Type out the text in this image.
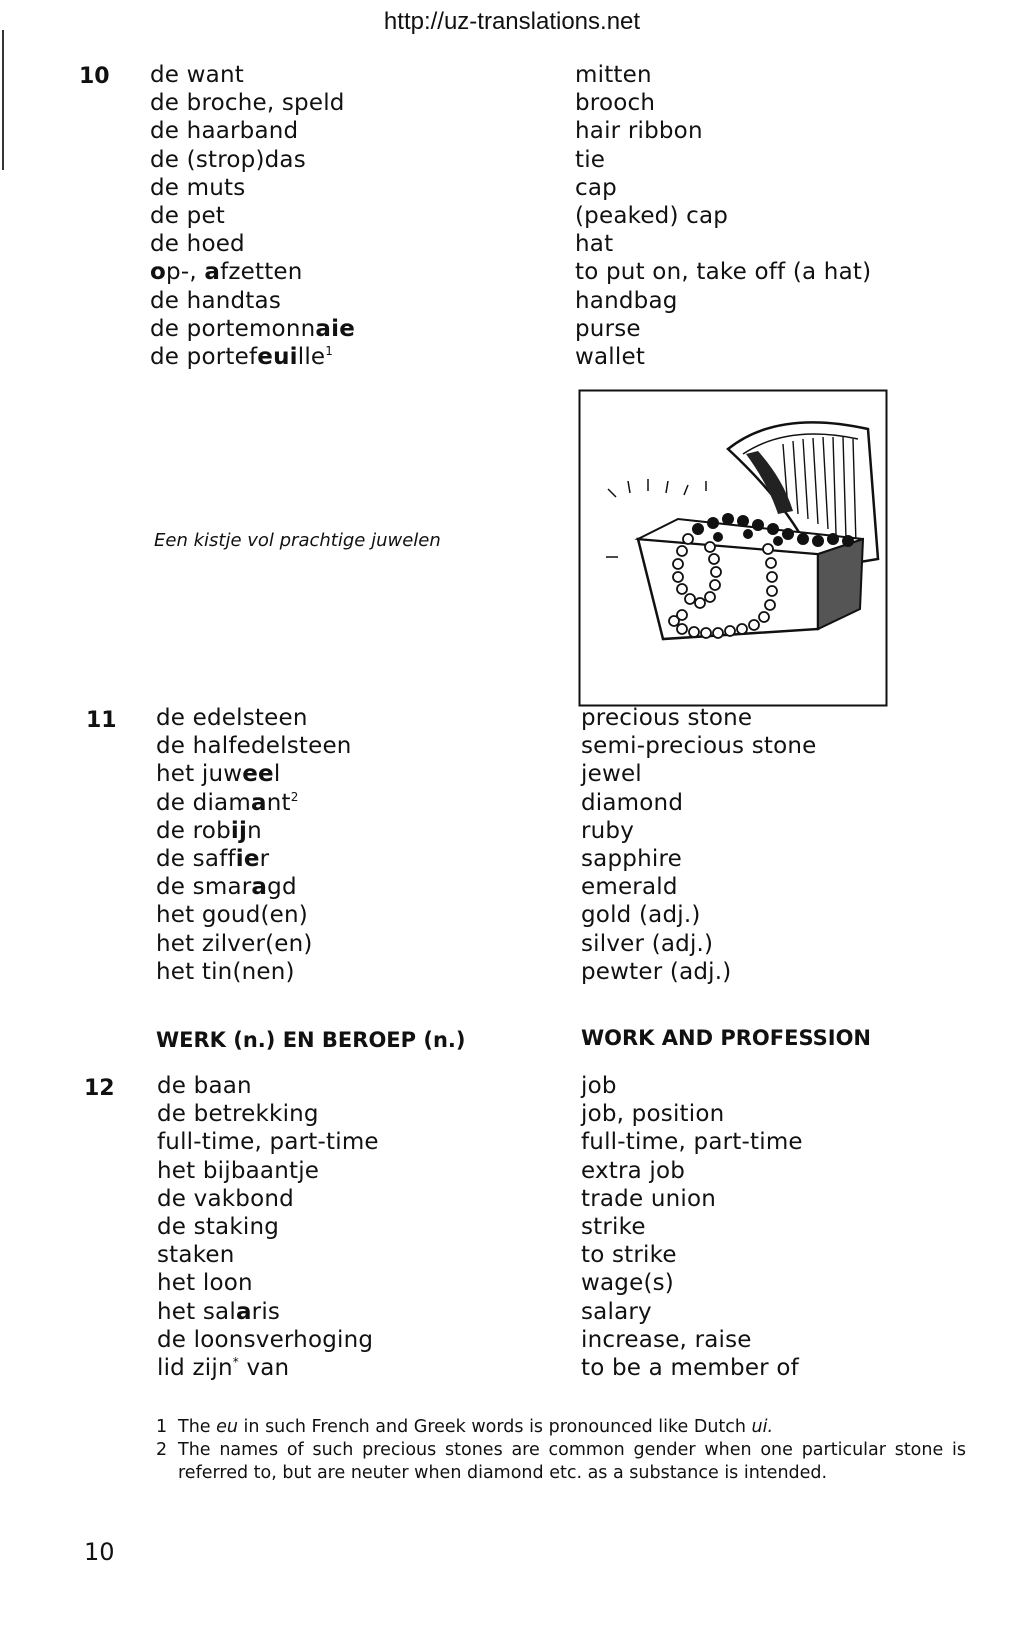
http://uz-translations.net
10 de want
de broche, speld
de haarband
de (strop)das
de muts
de pet
de hoed
op-, afzetten
de handtas
de portemonnaie
de portefeuille$^1$
mitten
brooch
hair ribbon
tie
cap
(peaked) cap
hat
to put on, take off (a hat)
handbag
purse
wallet
Een kistje vol prachtige juwelen
11 de edelsteen
de halfedelsteen
het juweel
de diamant$^2$
de robijn
de saffier
de smaragd
het goud(en)
het zilver(en)
het tin(nen)
precious stone
semi-precious stone
jewel
diamond
ruby
sapphire
emerald
gold (adj.)
silver (adj.)
pewter (adj.)
WERK (n.) EN BEROEP (n.)	WORK AND PROFESSION
12 de baan
de betrekking
full-time, part-time
het bijbaantje
de vakbond
de staking
staken
het loon
het salaris
de loonsverhoging
lid zijn* van
job
job, position
full-time, part-time
extra job
trade union
strike
to strike
wage(s)
salary
increase, raise
to be a member of
1 The eu in such French and Greek words is pronounced like Dutch ui.
2 The names of such precious stones are common gender when one particular stone is referred to, but are neuter when diamond etc. as a substance is intended.
10
